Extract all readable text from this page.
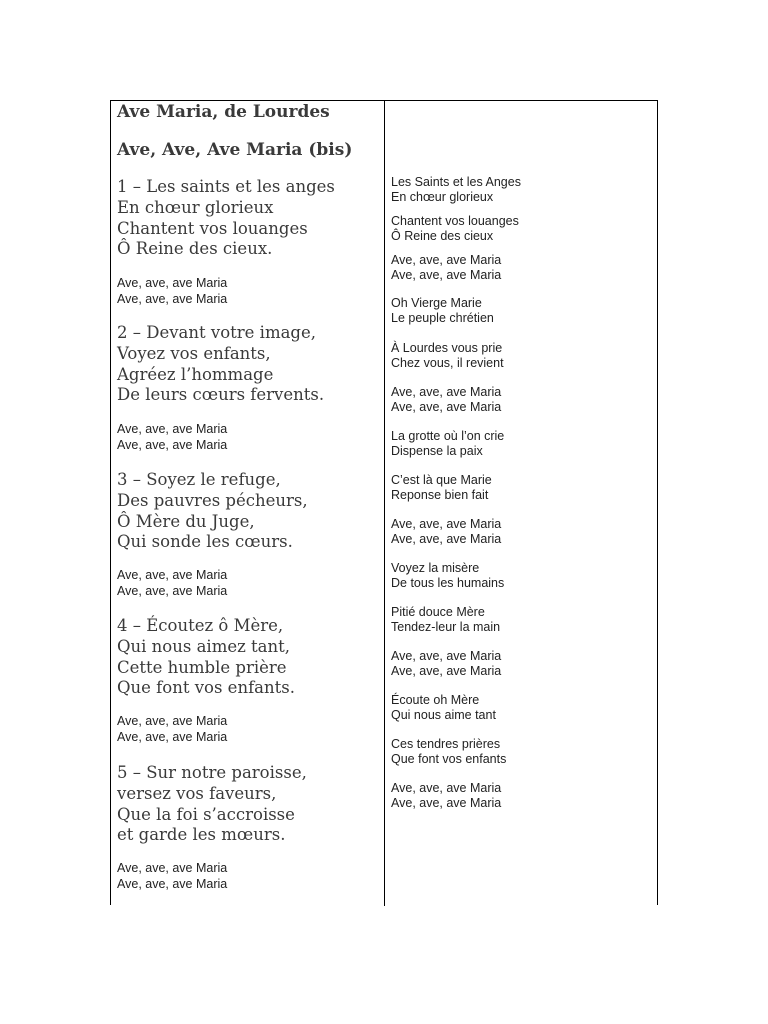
Ave Maria, de Lourdes
Ave, Ave, Ave Maria (bis)
1 – Les saints et les anges
En chœur glorieux
Chantent vos louanges
Ô Reine des cieux.
Ave, ave, ave Maria
Ave, ave, ave Maria
2 – Devant votre image,
Voyez vos enfants,
Agréez l’hommage
De leurs cœurs fervents.
Ave, ave, ave Maria
Ave, ave, ave Maria
3 – Soyez le refuge,
Des pauvres pécheurs,
Ô Mère du Juge,
Qui sonde les cœurs.
Ave, ave, ave Maria
Ave, ave, ave Maria
4 – Écoutez ô Mère,
Qui nous aimez tant,
Cette humble prière
Que font vos enfants.
Ave, ave, ave Maria
Ave, ave, ave Maria
5 – Sur notre paroisse,
versez vos faveurs,
Que la foi s’accroisse
et garde les mœurs.
Ave, ave, ave Maria
Ave, ave, ave Maria
Les Saints et les Anges
En chœur glorieux
Chantent vos louanges
Ô Reine des cieux
Ave, ave, ave Maria
Ave, ave, ave Maria
Oh Vierge Marie
Le peuple chrétien
À Lourdes vous prie
Chez vous, il revient
Ave, ave, ave Maria
Ave, ave, ave Maria
La grotte où l’on crie
Dispense la paix
C’est là que Marie
Reponse bien fait
Ave, ave, ave Maria
Ave, ave, ave Maria
Voyez la misère
De tous les humains
Pitié douce Mère
Tendez-leur la main
Ave, ave, ave Maria
Ave, ave, ave Maria
Écoute oh Mère
Qui nous aime tant
Ces tendres prières
Que font vos enfants
Ave, ave, ave Maria
Ave, ave, ave Maria
